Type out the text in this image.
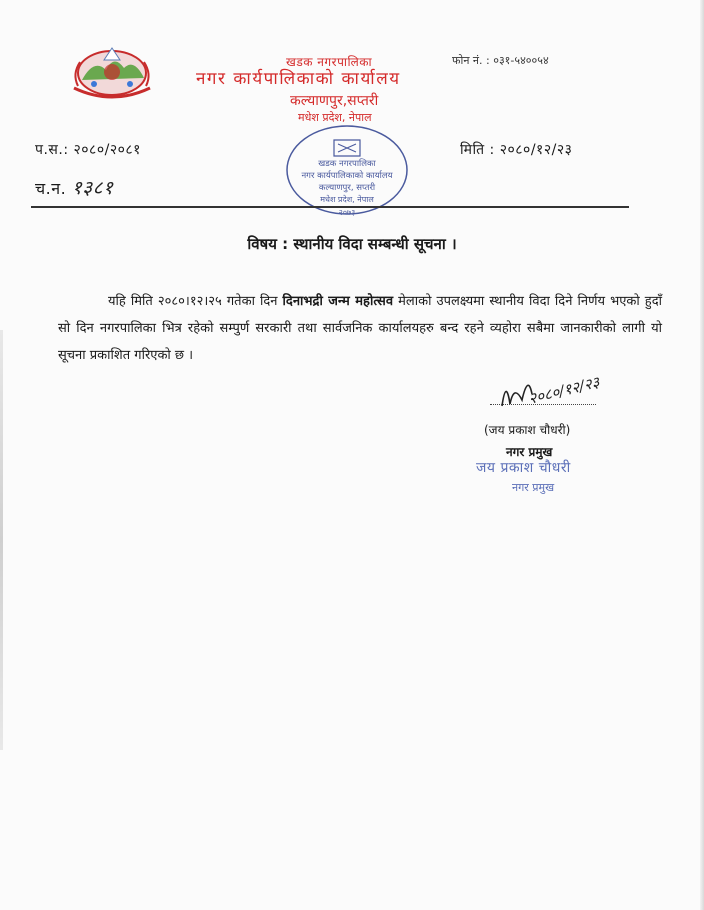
खडक नगरपालिका	फोन नं. : ०३१-५४००५४
नगर कार्यपालिकाको कार्यालय
कल्याणपुर,सप्तरी
मधेश प्रदेश, नेपाल
प.स.: २०८०/२०८१
च.न. १३८१
मिति : २०८०/१२/२३
खडक नगरपालिका
नगर कार्यपालिकाको कार्यालय
कल्याणपुर, सप्तरी
मधेश प्रदेश, नेपाल
२०७३
विषय : स्थानीय विदा सम्बन्धी सूचना ।

यहि मिति २०८०।१२।२५ गतेका दिन दिनाभद्री जन्म महोत्सव मेलाको उपलक्ष्यमा स्थानीय विदा दिने निर्णय भएको हुदाँ सो दिन नगरपालिका भित्र रहेको सम्पुर्ण सरकारी तथा सार्वजनिक कार्यालयहरु बन्द रहने व्यहोरा सबैमा जानकारीको लागी यो सूचना प्रकाशित गरिएको छ ।

२०८०/१२/२३
(जय प्रकाश चौधरी)
नगर प्रमुख
जय प्रकाश चौधरी
नगर प्रमुख
